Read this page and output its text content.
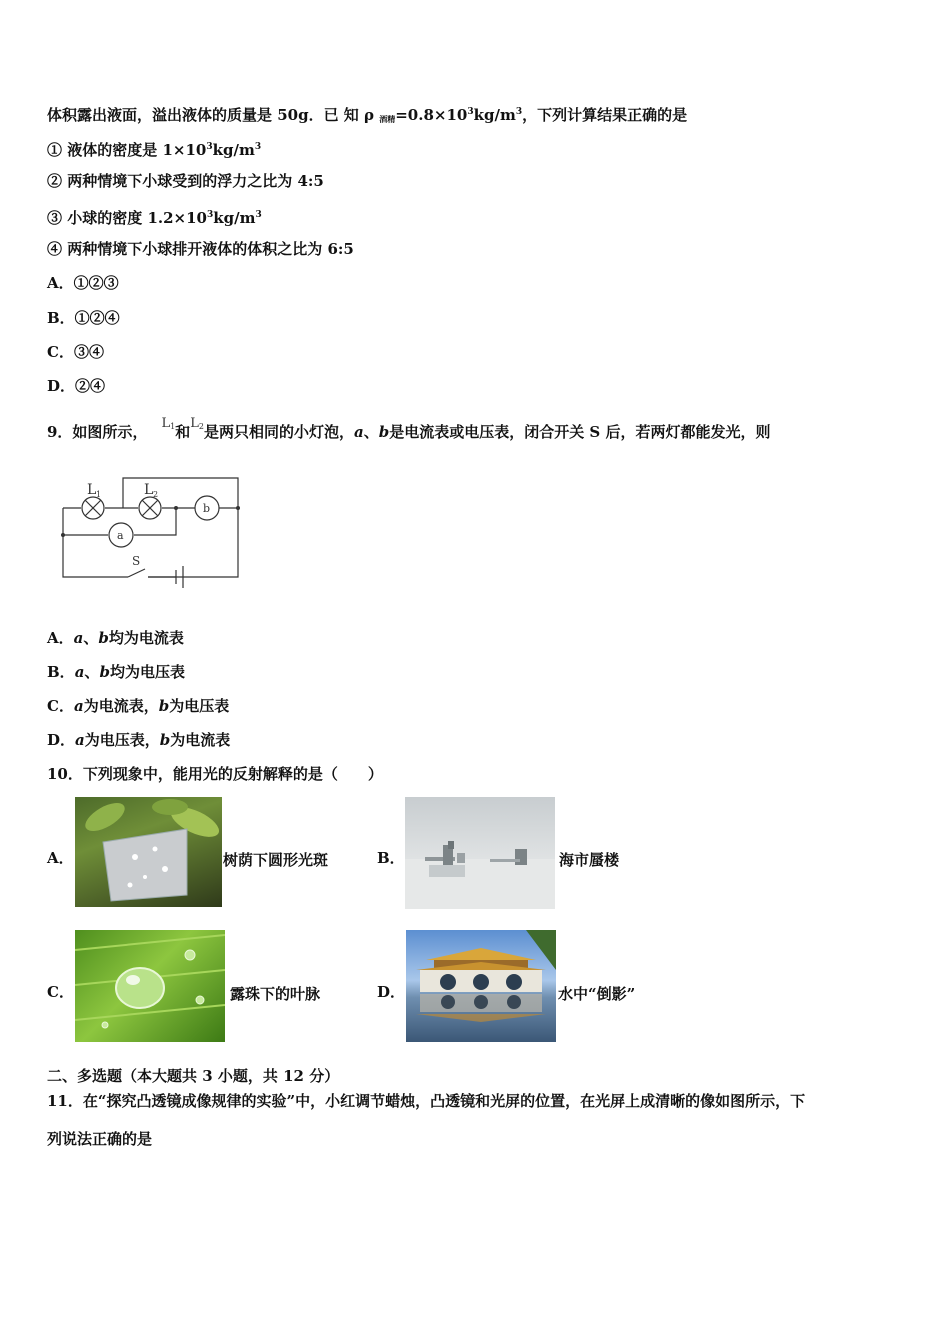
体积露出液面，溢出液体的质量是 50g．已 知 ρ $_{酒精}=0.8\times 10^3kg/m^3$，下列计算结果正确的是
① 液体的密度是 $1\times 10^3kg/m^3$
② 两种情境下小球受到的浮力之比为 4:5
③ 小球的密度 $1.2\times 10^3kg/m^3$
④ 两种情境下小球排开液体的体积之比为 6:5
A．①②③
B．①②④
C．③④
D．②④
9．如图所示， $L_1$和$L_2$是两只相同的小灯泡，a、b是电流表或电压表，闭合开关 S 后，若两灯都能发光，则
L 1	L 2
a
b
S
A．a、b均为电流表
B．a、b均为电压表
C．a为电流表，b为电压表
D．a为电压表，b为电流表
10．下列现象中，能用光的反射解释的是（　　）
A．	树荫下圆形光斑	B．	海市蜃楼
C．	露珠下的叶脉	D．	水中“倒影”
二、多选题（本大题共 3 小题，共 12 分）
11．在“探究凸透镜成像规律的实验”中，小红调节蜡烛，凸透镜和光屏的位置，在光屏上成清晰的像如图所示，下
列说法正确的是
